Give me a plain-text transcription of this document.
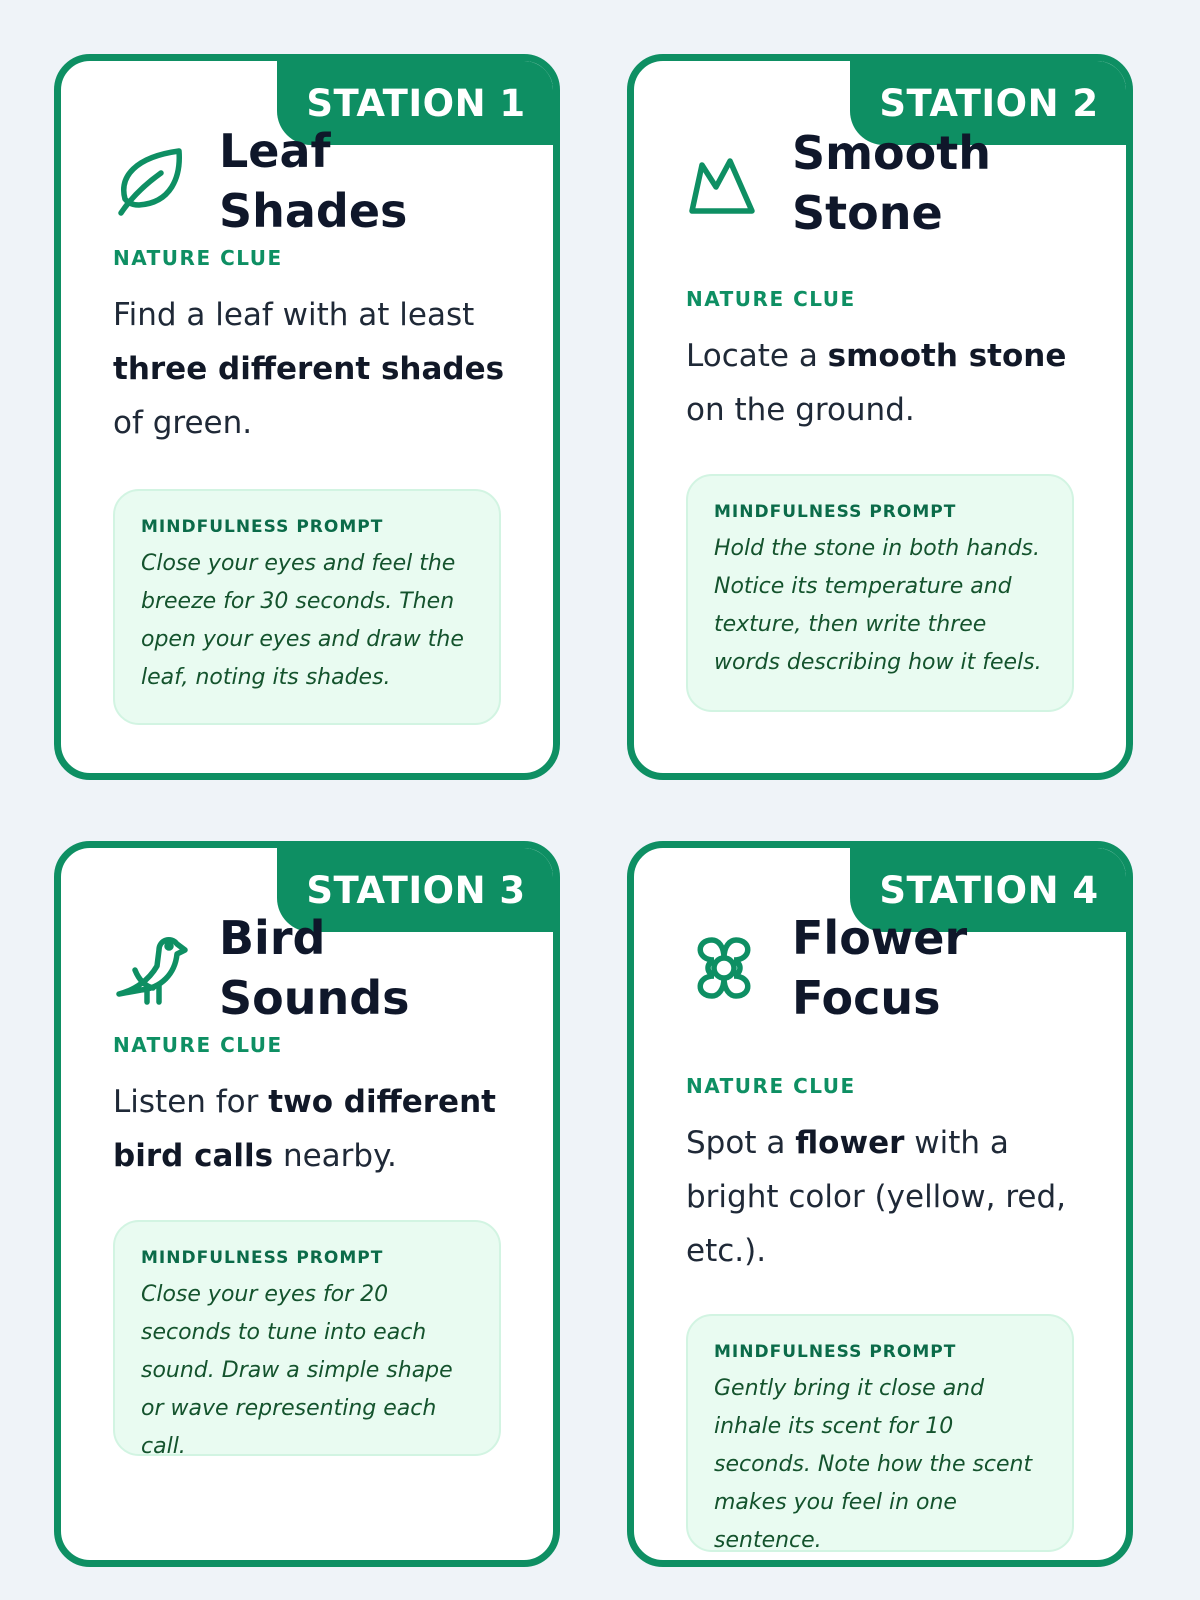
STATION 1
Leaf Shades
NATURE CLUE
Find a leaf with at least three different shades of green.
MINDFULNESS PROMPT
Close your eyes and feel the breeze for 30 seconds. Then open your eyes and draw the leaf, noting its shades.
STATION 2
Smooth Stone
NATURE CLUE
Locate a smooth stone on the ground.
MINDFULNESS PROMPT
Hold the stone in both hands. Notice its temperature and texture, then write three words describing how it feels.
STATION 3
Bird Sounds
NATURE CLUE
Listen for two different bird calls nearby.
MINDFULNESS PROMPT
Close your eyes for 20 seconds to tune into each sound. Draw a simple shape or wave representing each call.
STATION 4
Flower Focus
NATURE CLUE
Spot a flower with a bright color (yellow, red, etc.).
MINDFULNESS PROMPT
Gently bring it close and inhale its scent for 10 seconds. Note how the scent makes you feel in one sentence.
